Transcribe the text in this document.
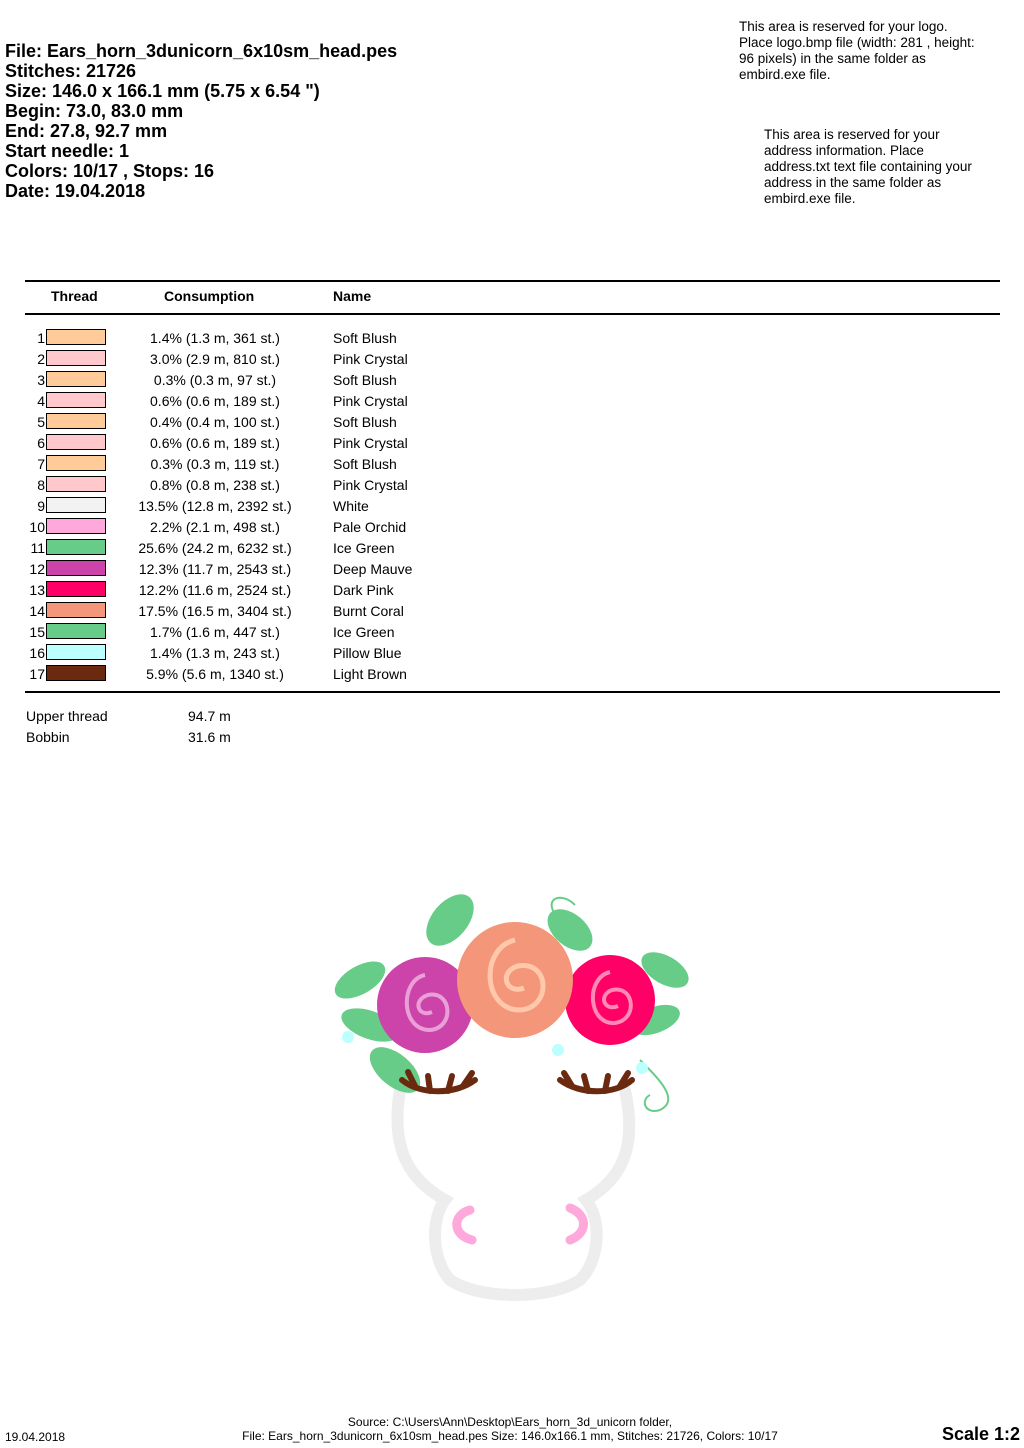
File: Ears_horn_3dunicorn_6x10sm_head.pes
Stitches: 21726
Size: 146.0 x 166.1 mm (5.75 x 6.54 ")
Begin: 73.0, 83.0 mm
End: 27.8, 92.7 mm
Start needle: 1
Colors: 10/17 , Stops: 16
Date: 19.04.2018
This area is reserved for your logo. Place logo.bmp file (width: 281 , height: 96 pixels) in the same folder as embird.exe file.
This area is reserved for your address information. Place address.txt text file containing your address in the same folder as embird.exe file.
Thread	Consumption	Name
1	1.4% (1.3 m, 361 st.)	Soft Blush
2	3.0% (2.9 m, 810 st.)	Pink Crystal
3	0.3% (0.3 m, 97 st.)	Soft Blush
4	0.6% (0.6 m, 189 st.)	Pink Crystal
5	0.4% (0.4 m, 100 st.)	Soft Blush
6	0.6% (0.6 m, 189 st.)	Pink Crystal
7	0.3% (0.3 m, 119 st.)	Soft Blush
8	0.8% (0.8 m, 238 st.)	Pink Crystal
9	13.5% (12.8 m, 2392 st.)	White
10	2.2% (2.1 m, 498 st.)	Pale Orchid
11	25.6% (24.2 m, 6232 st.)	Ice Green
12	12.3% (11.7 m, 2543 st.)	Deep Mauve
13	12.2% (11.6 m, 2524 st.)	Dark Pink
14	17.5% (16.5 m, 3404 st.)	Burnt Coral
15	1.7% (1.6 m, 447 st.)	Ice Green
16	1.4% (1.3 m, 243 st.)	Pillow Blue
17	5.9% (5.6 m, 1340 st.)	Light Brown
Upper thread	94.7 m
Bobbin	31.6 m
19.04.2018
Source: C:\Users\Ann\Desktop\Ears_horn_3d_unicorn folder,
File: Ears_horn_3dunicorn_6x10sm_head.pes Size: 146.0x166.1 mm, Stitches: 21726, Colors: 10/17	Scale 1:2
